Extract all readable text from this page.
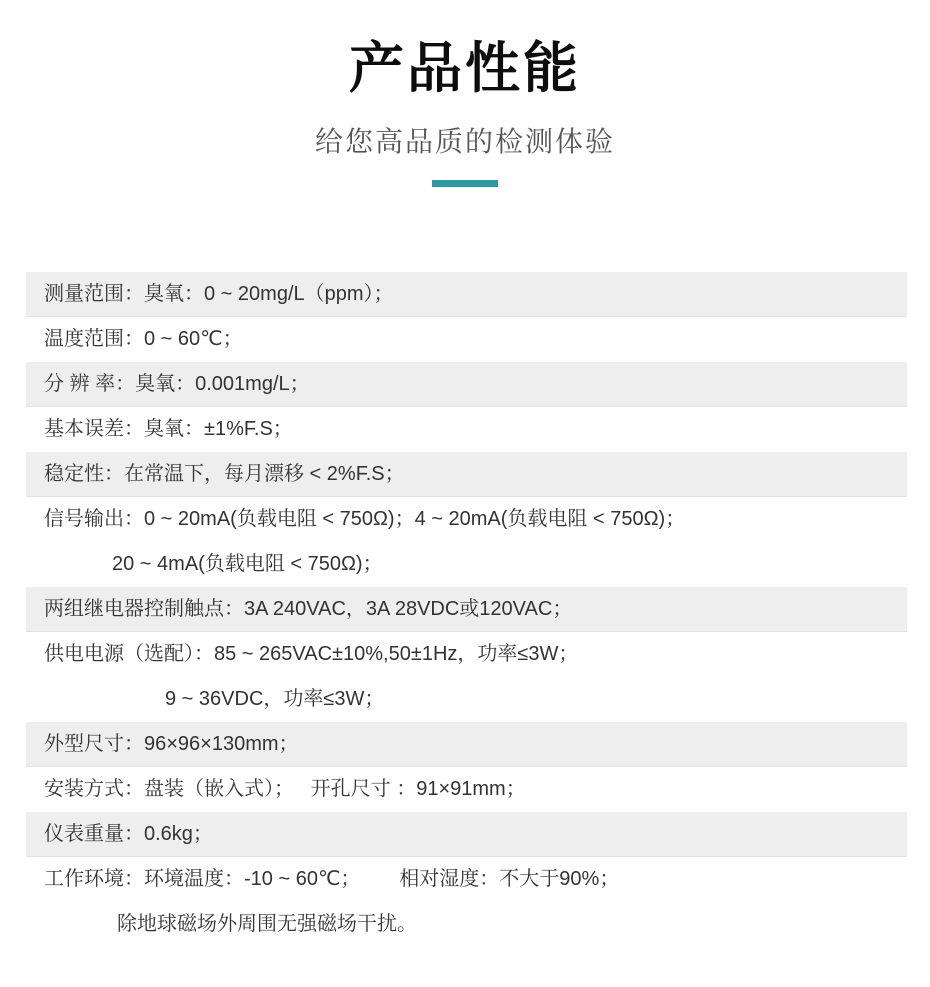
产品性能
给您高品质的检测体验
测量范围：臭氧：0 ~ 20mg/L（ppm）；
温度范围：0 ~ 60℃；
分 辨 率：臭氧：0.001mg/L；
基本误差：臭氧：±1%F.S；
稳定性：在常温下，每月漂移 < 2%F.S；
信号输出：0 ~ 20mA(负载电阻 < 750Ω)；4 ~ 20mA(负载电阻 < 750Ω)；
20 ~ 4mA(负载电阻 < 750Ω)；
两组继电器控制触点：3A 240VAC，3A 28VDC或120VAC；
供电电源（选配）：85 ~ 265VAC±10%,50±1Hz，功率≤3W；
9 ~ 36VDC，功率≤3W；
外型尺寸：96×96×130mm；
安装方式：盘装（嵌入式）；   开孔尺寸 ：91×91mm；
仪表重量：0.6kg；
工作环境：环境温度：-10 ~ 60℃；       相对湿度：不大于90%；
除地球磁场外周围无强磁场干扰。
